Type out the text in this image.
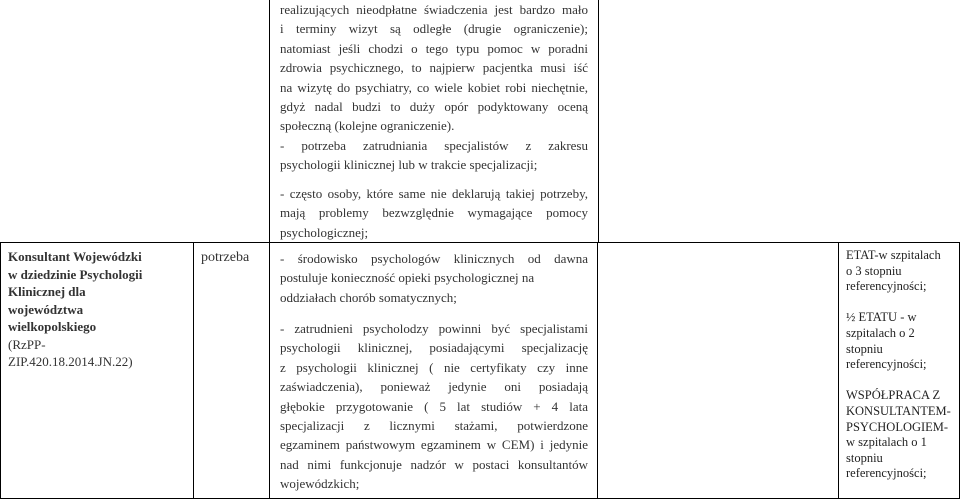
realizujących nieodpłatne świadczenia jest bardzo mało

i terminy wizyt są odległe (drugie ograniczenie);

natomiast jeśli chodzi o tego typu pomoc w poradni

zdrowia psychicznego, to najpierw pacjentka musi iść

na wizytę do psychiatry, co wiele kobiet robi niechętnie,

gdyż nadal budzi to duży opór podyktowany oceną

społeczną (kolejne ograniczenie).

- potrzeba zatrudniania specjalistów z zakresu

psychologii klinicznej lub w trakcie specjalizacji;

- często osoby, które same nie deklarują takiej potrzeby,

mają problemy bezwzględnie wymagające pomocy

psychologicznej;

Konsultant Wojewódzki
w dziedzinie Psychologii
Klinicznej dla
województwa
wielkopolskiego
(RzPP-
ZIP.420.18.2014.JN.22)
potrzeba - środowisko psychologów klinicznych od dawna

postuluje konieczność opieki psychologicznej na

oddziałach chorób somatycznych;

- zatrudnieni psycholodzy powinni być specjalistami

psychologii klinicznej, posiadającymi specjalizację

z psychologii klinicznej ( nie certyfikaty czy inne

zaświadczenia), ponieważ jedynie oni posiadają

głębokie przygotowanie ( 5 lat studiów + 4 lata

specjalizacji z licznymi stażami, potwierdzone

egzaminem państwowym egzaminem w CEM) i jedynie

nad nimi funkcjonuje nadzór w postaci konsultantów

wojewódzkich;

ETAT-w szpitalach

o 3 stopniu

referencyjności;

½ ETATU - w

szpitalach o 2

stopniu

referencyjności;

WSPÓŁPRACA Z

KONSULTANTEM-

PSYCHOLOGIEM-

w szpitalach o 1

stopniu

referencyjności;
